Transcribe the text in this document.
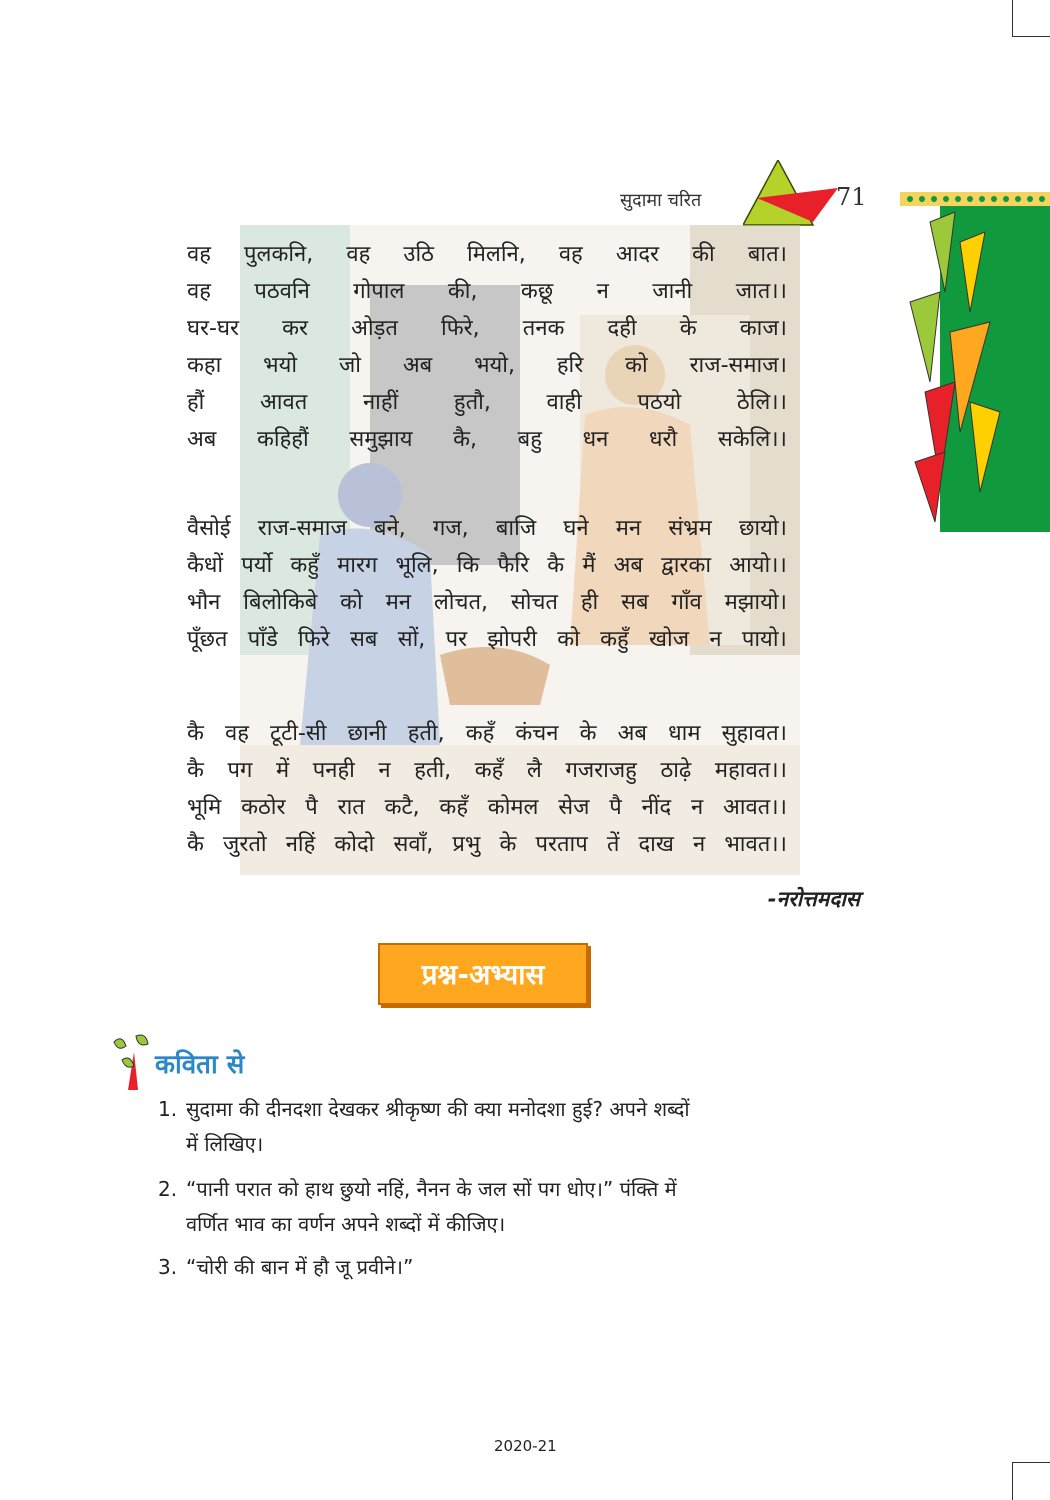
सुदामा चरित	71
वह पुलकनि, वह उठि मिलनि, वह आदर की बात।
वह पठवनि गोपाल की, कछू न जानी जात।।
घर-घर कर ओड़त फिरे, तनक दही के काज।
कहा भयो जो अब भयो, हरि को राज-समाज।
हौं	आवत	नाहीं	हुतौ,	वाही	पठयो	ठेलि।।
अब कहिहौं समुझाय कै, बहु धन धरौ सकेलि।।
वैसोई राज-समाज बने, गज, बाजि घने मन संभ्रम छायो।
कैधों पर्यो कहुँ मारग भूलि, कि फैरि कै मैं अब द्वारका आयो।।
भौन बिलोकिबे को मन लोचत, सोचत ही सब गाँव मझायो।
पूँछत पाँडे फिरे सब सों, पर झोपरी को कहुँ खोज न पायो।
कै वह टूटी-सी छानी हती, कहँ कंचन के अब धाम सुहावत।
कै पग में पनही न हती, कहँ लै गजराजहु ठाढ़े महावत।।
भूमि कठोर पै रात कटै, कहँ कोमल सेज पै नींद न आवत।।
कै जुरतो नहिं कोदो सवाँ, प्रभु के परताप तें दाख न भावत।।
-नरोत्तमदास
प्रश्न-अभ्यास
कविता से
1. सुदामा की दीनदशा देखकर श्रीकृष्ण की क्या मनोदशा हुई? अपने शब्दों
में लिखिए।
2. “पानी परात को हाथ छुयो नहिं, नैनन के जल सों पग धोए।” पंक्ति में
वर्णित भाव का वर्णन अपने शब्दों में कीजिए।
3. “चोरी की बान में हौ जू प्रवीने।”
2020-21
